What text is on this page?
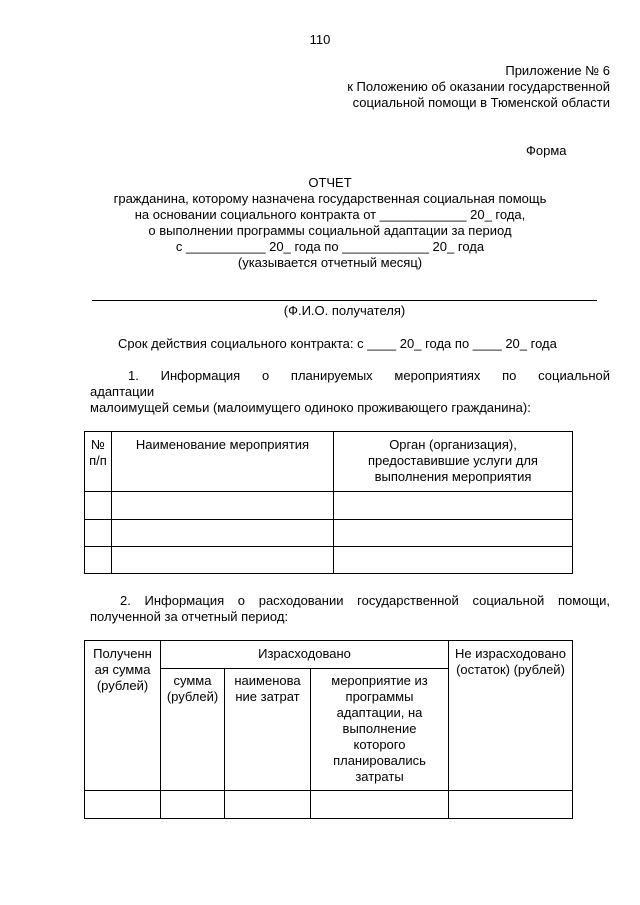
110
Приложение № 6
к Положению об оказании государственной
социальной помощи в Тюменской области
Форма
ОТЧЕТ
гражданина, которому назначена государственная социальная помощь
на основании социального контракта от ____________ 20_ года,
о выполнении программы социальной адаптации за период
с ___________ 20_ года по ____________ 20_ года
(указывается отчетный месяц)
(Ф.И.О. получателя)
Срок действия социального контракта: с ____ 20_ года по ____ 20_ года
1.   Информация   о   планируемых   мероприятиях   по   социальной
адаптации
малоимущей семьи (малоимущего одиноко проживающего гражданина):
№ п/п	Наименование мероприятия	Орган (организация), предоставившие услуги для выполнения мероприятия

2. Информация о расходовании государственной социальной помощи,
полученной за отчетный период:
Полученн ая сумма (рублей)	Израсходовано			Не израсходовано (остаток) (рублей)
	сумма (рублей)	наименова ние затрат	мероприятие из программы адаптации, на выполнение которого планировались затраты	
